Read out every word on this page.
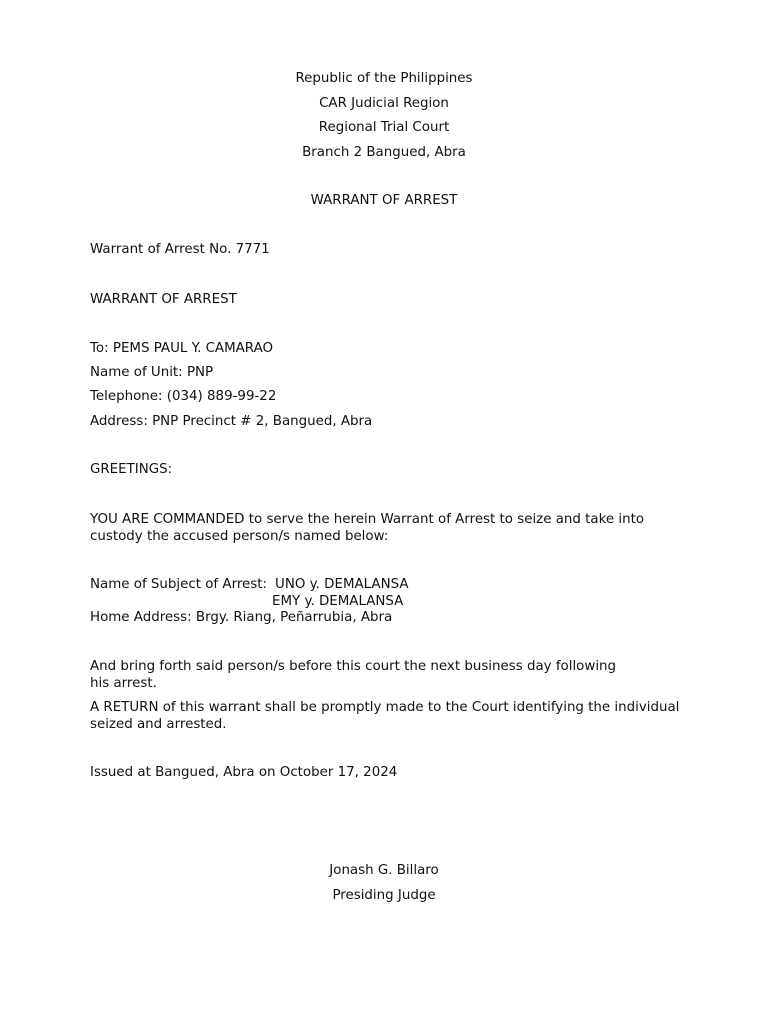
Republic of the Philippines
CAR Judicial Region
Regional Trial Court
Branch 2 Bangued, Abra
WARRANT OF ARREST
Warrant of Arrest No. 7771
WARRANT OF ARREST
To: PEMS PAUL Y. CAMARAO
Name of Unit: PNP
Telephone: (034) 889-99-22
Address: PNP Precinct # 2, Bangued, Abra
GREETINGS:
YOU ARE COMMANDED to serve the herein Warrant of Arrest to seize and take into custody the accused person/s named below:
Name of Subject of Arrest: UNO y. DEMALANSA
EMY y. DEMALANSA
Home Address: Brgy. Riang, Peñarrubia, Abra
And bring forth said person/s before this court the next business day following his arrest.
A RETURN of this warrant shall be promptly made to the Court identifying the individual seized and arrested.
Issued at Bangued, Abra on October 17, 2024
Jonash G. Billaro
Presiding Judge
